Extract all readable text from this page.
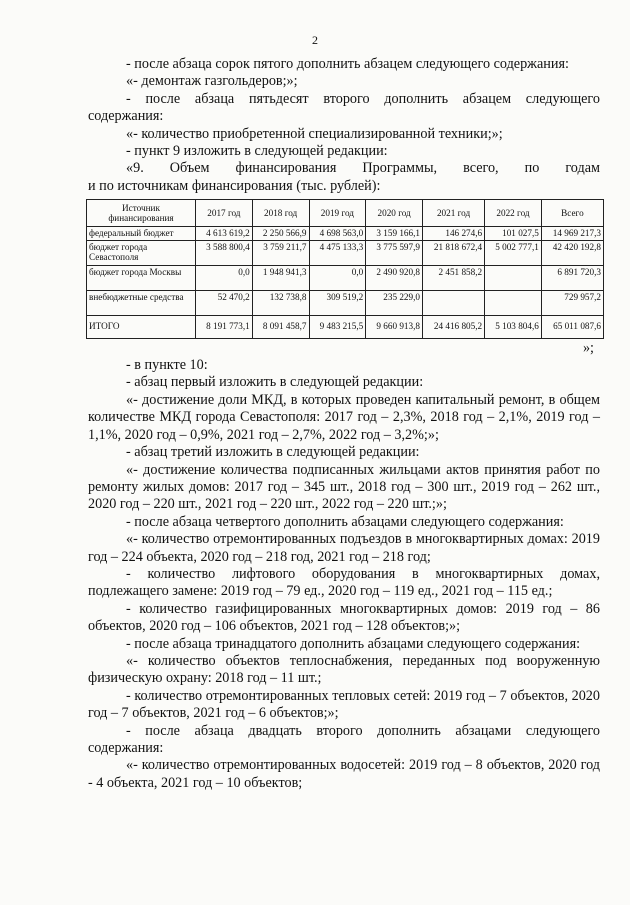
2
- после абзаца сорок пятого дополнить абзацем следующего содержания:
«- демонтаж газгольдеров;»;
- после абзаца пятьдесят второго дополнить абзацем следующего
содержания:
«- количество приобретенной специализированной техники;»;
- пункт 9 изложить в следующей редакции:
«9. Объем финансирования Программы, всего, по годам
и по источникам финансирования (тыс. рублей):
Источник финансирования	2017 год	2018 год	2019 год	2020 год	2021 год	2022 год	Всего
федеральный бюджет	4 613 619,2	2 250 566,9	4 698 563,0	3 159 166,1	146 274,6	101 027,5	14 969 217,3
бюджет города Севастополя	3 588 800,4	3 759 211,7	4 475 133,3	3 775 597,9	21 818 672,4	5 002 777,1	42 420 192,8
бюджет города Москвы	0,0	1 948 941,3	0,0	2 490 920,8	2 451 858,2		6 891 720,3
внебюджетные средства	52 470,2	132 738,8	309 519,2	235 229,0			729 957,2
ИТОГО	8 191 773,1	8 091 458,7	9 483 215,5	9 660 913,8	24 416 805,2	5 103 804,6	65 011 087,6
»;
- в пункте 10:
- абзац первый изложить в следующей редакции:
«- достижение доли МКД, в которых проведен капитальный ремонт, в общем количестве МКД города Севастополя: 2017 год – 2,3%, 2018 год – 2,1%, 2019 год – 1,1%, 2020 год – 0,9%, 2021 год – 2,7%, 2022 год – 3,2%;»;
- абзац третий изложить в следующей редакции:
«- достижение количества подписанных жильцами актов принятия работ по ремонту жилых домов: 2017 год – 345 шт., 2018 год – 300 шт., 2019 год – 262 шт., 2020 год – 220 шт., 2021 год – 220 шт., 2022 год – 220 шт.;»;
- после абзаца четвертого дополнить абзацами следующего содержания:
«- количество отремонтированных подъездов в многоквартирных домах: 2019 год – 224 объекта, 2020 год – 218 год, 2021 год – 218 год;
- количество лифтового оборудования в многоквартирных домах, подлежащего замене: 2019 год – 79 ед., 2020 год – 119 ед., 2021 год – 115 ед.;
- количество газифицированных многоквартирных домов: 2019 год – 86 объектов, 2020 год – 106 объектов, 2021 год – 128 объектов;»;
- после абзаца тринадцатого дополнить абзацами следующего содержания:
«- количество объектов теплоснабжения, переданных под вооруженную физическую охрану: 2018 год – 11 шт.;
- количество отремонтированных тепловых сетей: 2019 год – 7 объектов, 2020 год – 7 объектов, 2021 год – 6 объектов;»;
- после абзаца двадцать второго дополнить абзацами следующего содержания:
«- количество отремонтированных водосетей: 2019 год – 8 объектов, 2020 год - 4 объекта, 2021 год – 10 объектов;
